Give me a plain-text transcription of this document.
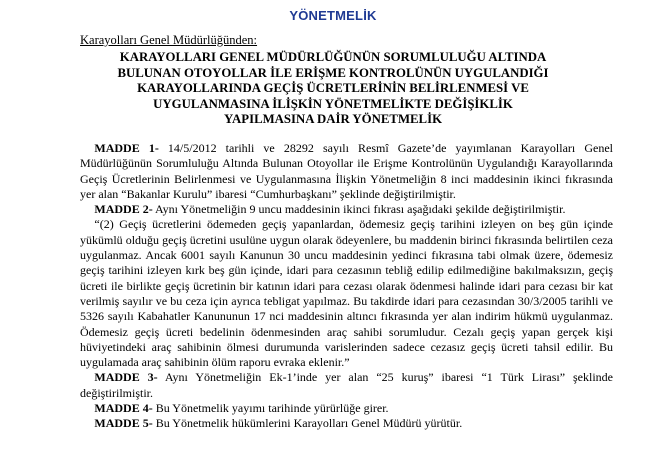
YÖNETMELİK
Karayolları Genel Müdürlüğünden:
KARAYOLLARI GENEL MÜDÜRLÜĞÜNÜN SORUMLULUĞU ALTINDA
BULUNAN OTOYOLLAR İLE ERİŞME KONTROLÜNÜN UYGULANDIĞI
KARAYOLLARINDA GEÇİŞ ÜCRETLERİNİN BELİRLENMESİ VE
UYGULANMASINA İLİŞKİN YÖNETMELİKTE DEĞİŞİKLİK
YAPILMASINA DAİR YÖNETMELİK

MADDE 1- 14/5/2012 tarihli ve 28292 sayılı Resmî Gazete’de yayımlanan Karayolları Genel Müdürlüğünün Sorumluluğu Altında Bulunan Otoyollar ile Erişme Kontrolünün Uygulandığı Karayollarında Geçiş Ücretlerinin Belirlenmesi ve Uygulanmasına İlişkin Yönetmeliğin 8 inci maddesinin ikinci fıkrasında yer alan “Bakanlar Kurulu” ibaresi “Cumhurbaşkanı” şeklinde değiştirilmiştir.

MADDE 2- Aynı Yönetmeliğin 9 uncu maddesinin ikinci fıkrası aşağıdaki şekilde değiştirilmiştir.

“(2) Geçiş ücretlerini ödemeden geçiş yapanlardan, ödemesiz geçiş tarihini izleyen on beş gün içinde yükümlü olduğu geçiş ücretini usulüne uygun olarak ödeyenlere, bu maddenin birinci fıkrasında belirtilen ceza uygulanmaz. Ancak 6001 sayılı Kanunun 30 uncu maddesinin yedinci fıkrasına tabi olmak üzere, ödemesiz geçiş tarihini izleyen kırk beş gün içinde, idari para cezasının tebliğ edilip edilmediğine bakılmaksızın, geçiş ücreti ile birlikte geçiş ücretinin bir katının idari para cezası olarak ödenmesi halinde idari para cezası bir kat verilmiş sayılır ve bu ceza için ayrıca tebligat yapılmaz. Bu takdirde idari para cezasından 30/3/2005 tarihli ve 5326 sayılı Kabahatler Kanununun 17 nci maddesinin altıncı fıkrasında yer alan indirim hükmü uygulanmaz. Ödemesiz geçiş ücreti bedelinin ödenmesinden araç sahibi sorumludur. Cezalı geçiş yapan gerçek kişi hüviyetindeki araç sahibinin ölmesi durumunda varislerinden sadece cezasız geçiş ücreti tahsil edilir. Bu uygulamada araç sahibinin ölüm raporu evraka eklenir.”

MADDE 3- Aynı Yönetmeliğin Ek-1’inde yer alan “25 kuruş” ibaresi “1 Türk Lirası” şeklinde değiştirilmiştir.

MADDE 4- Bu Yönetmelik yayımı tarihinde yürürlüğe girer.

MADDE 5- Bu Yönetmelik hükümlerini Karayolları Genel Müdürü yürütür.
